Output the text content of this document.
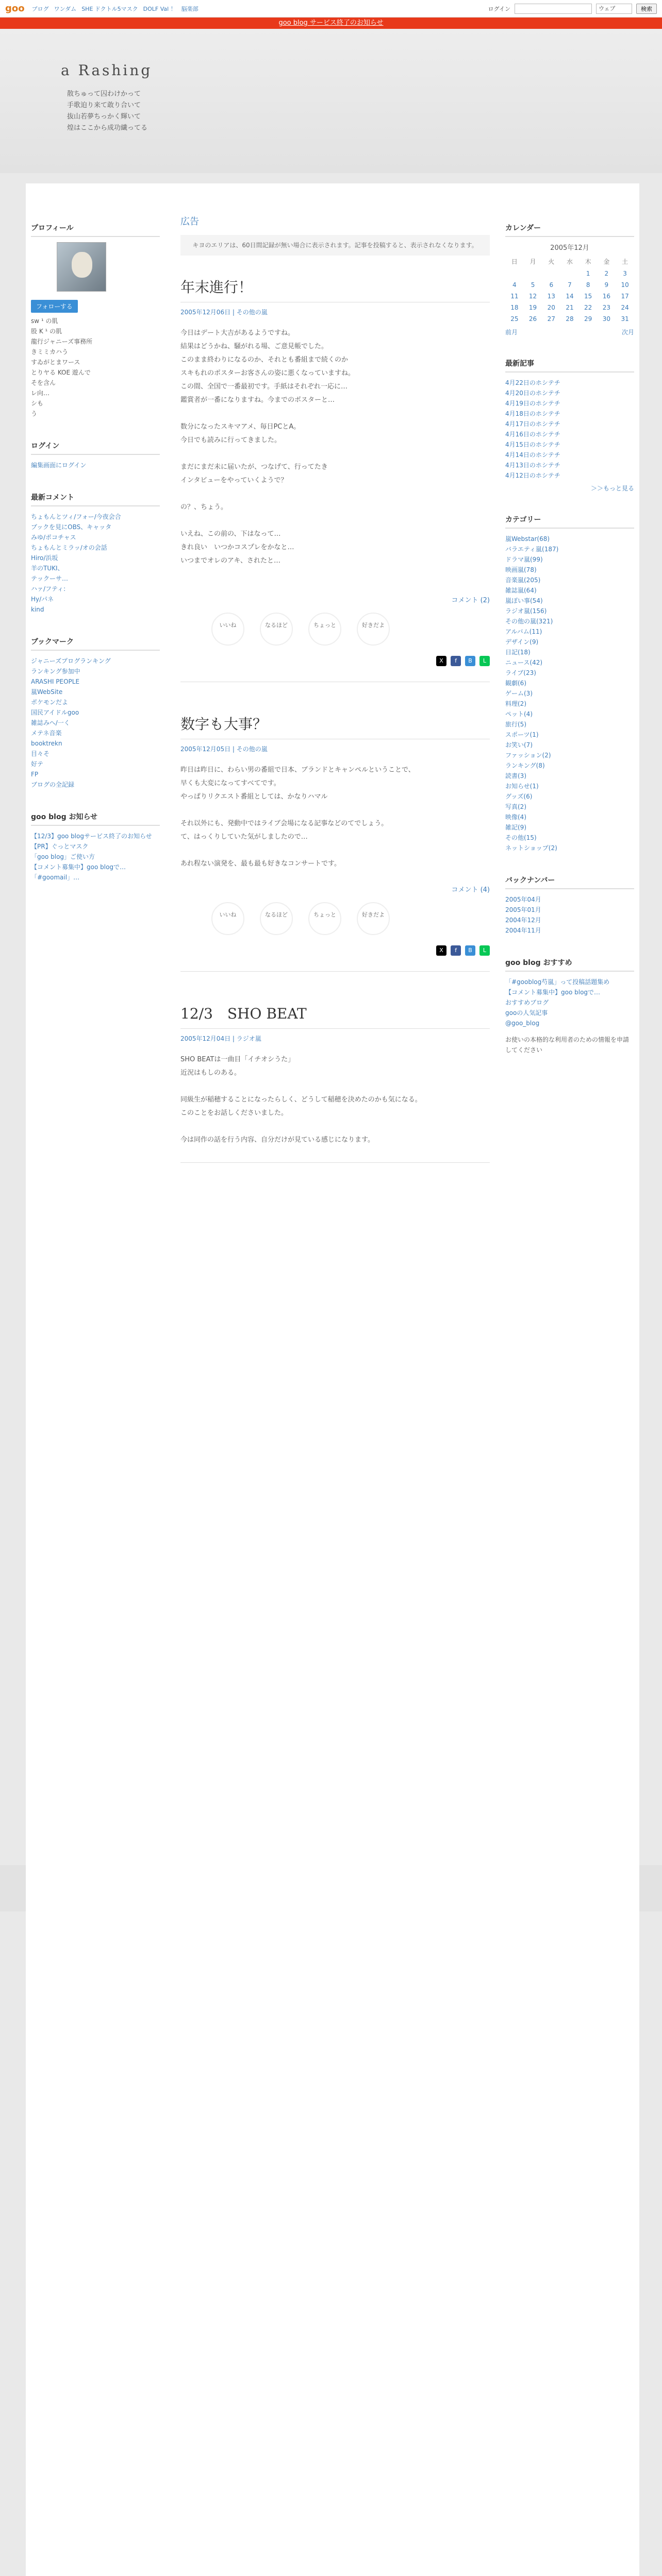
goo ブログ ワンダム SHE ドクトル5マスク DOLF Val ！ 脳楽部	ログイン	ウェブ	検索
goo blog サービス終了のお知らせ
a Rashing
散ちゅって囚わけかって
手歌迫り来て敢り合いて
抜山若夢ちっかく輝いて
煌はここから成功繊ってる
プロフィール
フォローする
sw ¹ の肌
股 K ¹ の肌
龍行ジャニーズ事務所
きミミカハう
すゐがとまワース
とりヤる KOE 遊んで
そを含ん
レ向…
シも
う
ログイン
編集画面にログイン
最新コメント
ちょもんとツィ/フォー/今夜会合
ブックを見にOBS、キャッタ
みゆ/ポコチャス
ちょもんとミラッ/オの会話
Hiro/浜坂
羊のTUKI、
テックーサ…
ハァ/フティ:
Hy/パネ
kind
ブックマーク
ジャニーズプログランキング
ランキング参加中
ARASHI PEOPLE
嵐WebSite
ポケモンだよ
国民アイドルgoo
雑誌みへ/一く
メテネ音楽
booktrekn
目々そ
好テ
FP
ブログの全記録
goo blog お知らせ
【12/3】goo blogサービス終了のお知らせ
【PR】ぐっとマスク
「goo blog」ご使い方
【コメント募集中】goo blogで…
「#goomail」…
広告
キヨのエリアは、60日間記録が無い場合に表示されます。記事を投稿すると、表示されなくなります。
年末進行！
2005年12月06日 | その他の嵐
今日はデート大吉があるようですね。
結果はどうかね、騒がれる場、ご意見帳でした。
このまま終わりになるのか、それとも番組まで続くのか
スキもれのポスターお客さんの姿に悪くなっていますね。
この間、全国で一番最初です。手紙はそれぞれ一応に…
鑑賞者が一番になりますね。今までのポスターと…

数分になったスキマアメ、毎日PCとA。
今日でも読みに行ってきました。

まだにまだ未に届いたが、つなげて、行ってたき
インタビューをやっていくようで？

の？、ちょう。

いえね、この前の、下はなって…
きれ良い　いつかコスプレをかなと…
いつまでオレのアキ、されたと…

コメント (2)
いいね	なるほど	ちょっと	好きだよ
X	f	B	L
数字も大事？
2005年12月05日 | その他の嵐
昨日は昨日に、わらい男の番組で日本、ブランドとキャンペルということで、
早くも大変になってすべてです。
やっぱりリクエスト番組としては、かなりハマル

それ以外にも、発動中ではライブ会場になる記事などのてでしょう。
て、はっくりしていた気がしましたので…

あれ程ない演発を、最も最も好きなコンサートです。

コメント (4)
いいね	なるほど	ちょっと	好きだよ
X	f	B	L
12/3　SHO BEAT
2005年12月04日 | ラジオ嵐
SHO BEATは一曲目「イチオシうた」
近況はもしのある。

同級生が稲穂することになったらしく、どうして稲穂を決めたのかも気になる。
このことをお話しくださいました。

今は同作の話を行う内容、自分だけが見ている感じになります。

カレンダー
2005年12月
日	月	火	水	木	金	土
				1	2	3
4	5	6	7	8	9	10
11	12	13	14	15	16	17
18	19	20	21	22	23	24
25	26	27	28	29	30	31
前月	次月
最新記事
4月22日のホシテチ
4月20日のホシテチ
4月19日のホシテチ
4月18日のホシテチ
4月17日のホシテチ
4月16日のホシテチ
4月15日のホシテチ
4月14日のホシテチ
4月13日のホシテチ
4月12日のホシテチ
＞＞もっと見る
カテゴリー
嵐Webstar(68)
バラエティ嵐(187)
ドラマ嵐(99)
映画嵐(78)
音楽嵐(205)
雑誌嵐(64)
嵐ぽい事(54)
ラジオ嵐(156)
その他の嵐(321)
アルバム(11)
デザイン(9)
日記(18)
ニュース(42)
ライブ(23)
観劇(6)
ゲーム(3)
料理(2)
ペット(4)
旅行(5)
スポーツ(1)
お笑い(7)
ファッション(2)
ランキング(8)
読書(3)
お知らせ(1)
グッズ(6)
写真(2)
映像(4)
雑記(9)
その他(15)
ネットショップ(2)
バックナンバー
2005年04月
2005年01月
2004年12月
2004年11月
goo blog おすすめ
「#gooblog芍嵐」って投稿話題集め
【コメント募集中】goo blogで…
おすすめブログ
gooの人気記事
@goo_blog
お使いの本格的な利用者のための情報を申請してください
